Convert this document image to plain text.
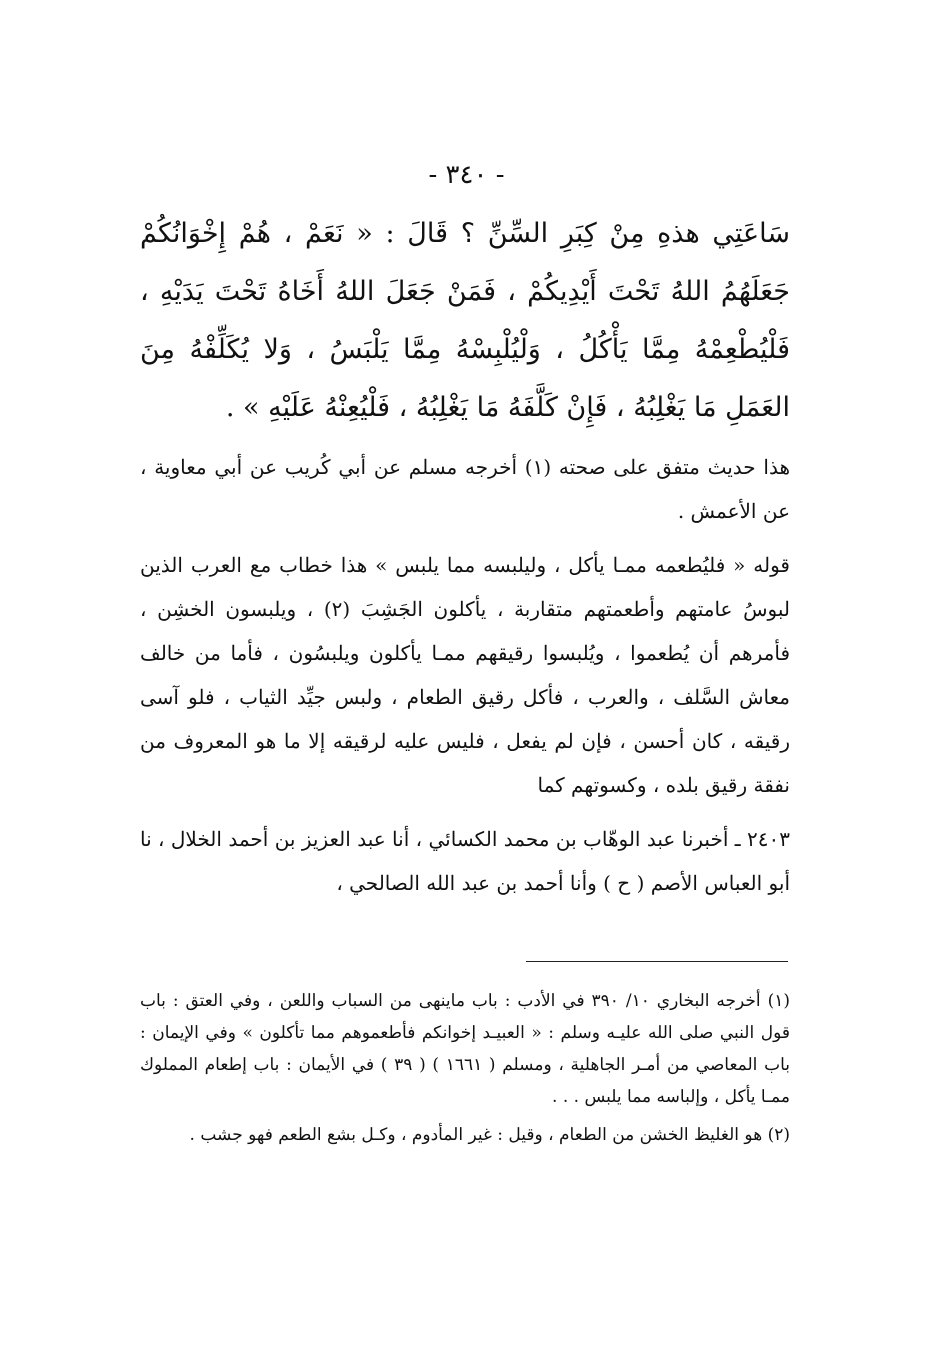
- ٣٤٠ -

سَاعَتِي هذهِ مِنْ كِبَرِ السِّنِّ ؟ قَالَ : « نَعَمْ ، هُمْ إِخْوَانُكُمْ جَعَلَهُمُ اللهُ تَحْتَ أَيْدِيكُمْ ، فَمَنْ جَعَلَ اللهُ أَخَاهُ تَحْتَ يَدَيْهِ ، فَلْيُطْعِمْهُ مِمَّا يَأْكُلُ ، وَلْيُلْبِسْهُ مِمَّا يَلْبَسُ ، وَلا يُكَلِّفْهُ مِنَ العَمَلِ مَا يَغْلِبُهُ ، فَإِنْ كَلَّفَهُ مَا يَغْلِبُهُ ، فَلْيُعِنْهُ عَلَيْهِ » .

هذا حديث متفق على صحته (١) أخرجه مسلم عن أبي كُريب عن أبي معاوية ، عن الأعمش .

قوله « فليُطعمه ممـا يأكل ، وليلبسه مما يلبس » هذا خطاب مع العرب الذين لبوسُ عامتهم وأطعمتهم متقاربة ، يأكلون الجَشِبَ (٢) ، ويلبسون الخشِن ، فأمرهم أن يُطعموا ، ويُلبسوا رقيقهم ممـا يأكلون ويلبسُون ، فأما من خالف معاش السَّلف ، والعرب ، فأكل رقيق الطعام ، ولبس جيِّد الثياب ، فلو آسى رقيقه ، كان أحسن ، فإن لم يفعل ، فليس عليه لرقيقه إلا ما هو المعروف من نفقة رقيق بلده ، وكسوتهم كما

٢٤٠٣ ـ أخبرنا عبد الوهّاب بن محمد الكسائي ، أنا عبد العزيز بن أحمد الخلال ، نا أبو العباس الأصم ( ح ) وأنا أحمد بن عبد الله الصالحي ،

(١) أخرجه البخاري ١٠/ ٣٩٠ في الأدب : باب ماينهى من السباب واللعن ، وفي العتق : باب قول النبي صلى الله عليـه وسلم : « العبيـد إخوانكم فأطعموهم مما تأكلون » وفي الإيمان : باب المعاصي من أمـر الجاهلية ، ومسلم ( ١٦٦١ ) ( ٣٩ ) في الأيمان : باب إطعام المملوك ممـا يأكل ، وإلباسه مما يلبس . . .

(٢) هو الغليظ الخشن من الطعام ، وقيل : غير المأدوم ، وكـل بشع الطعم فهو جشب .
